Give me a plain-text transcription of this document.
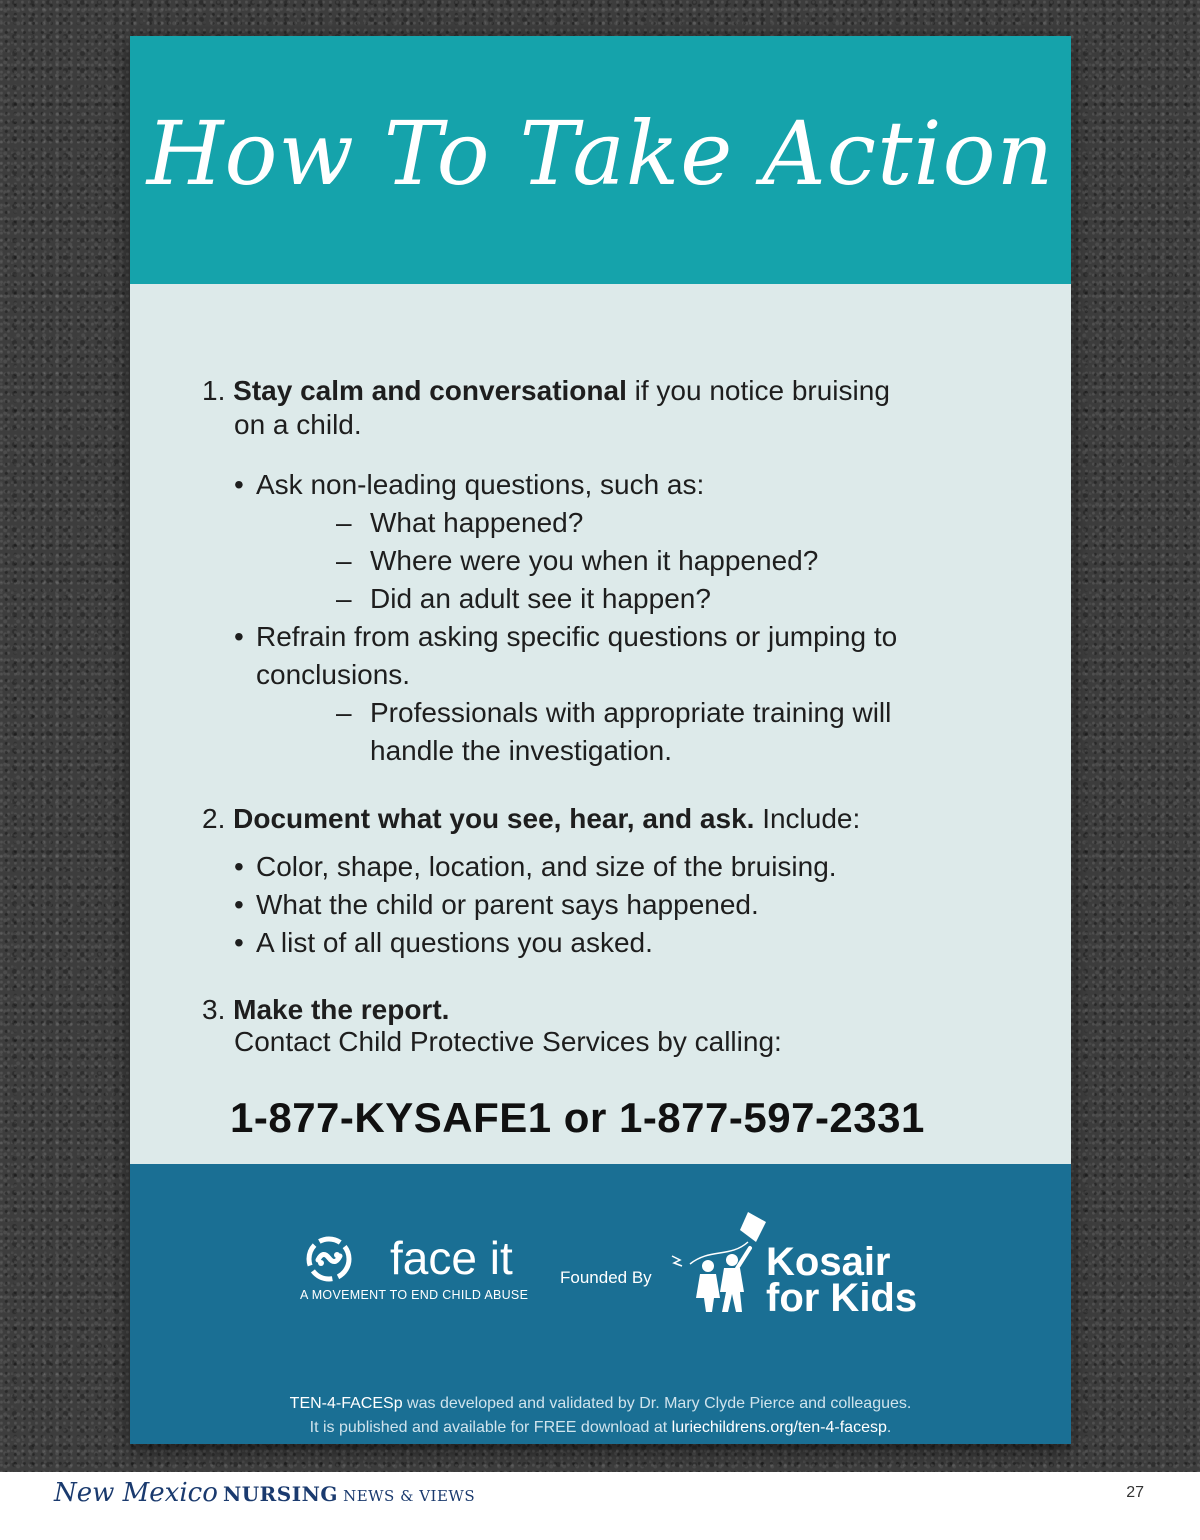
How To Take Action
1. Stay calm and conversational if you notice bruising
on a child.
• Ask non-leading questions, such as:
– What happened?
– Where were you when it happened?
– Did an adult see it happen?
• Refrain from asking specific questions or jumping to conclusions.
– Professionals with appropriate training will handle the investigation.
2. Document what you see, hear, and ask. Include:
• Color, shape, location, and size of the bruising.
• What the child or parent says happened.
• A list of all questions you asked.
3. Make the report.
Contact Child Protective Services by calling:
1-877-KYSAFE1 or 1-877-597-2331
face it
A MOVEMENT TO END CHILD ABUSE
Founded By	Kosair
for Kids
TEN-4-FACESp was developed and validated by Dr. Mary Clyde Pierce and colleagues.
It is published and available for FREE download at luriechildrens.org/ten-4-facesp.
New Mexico NURSING NEWS & VIEWS	27
